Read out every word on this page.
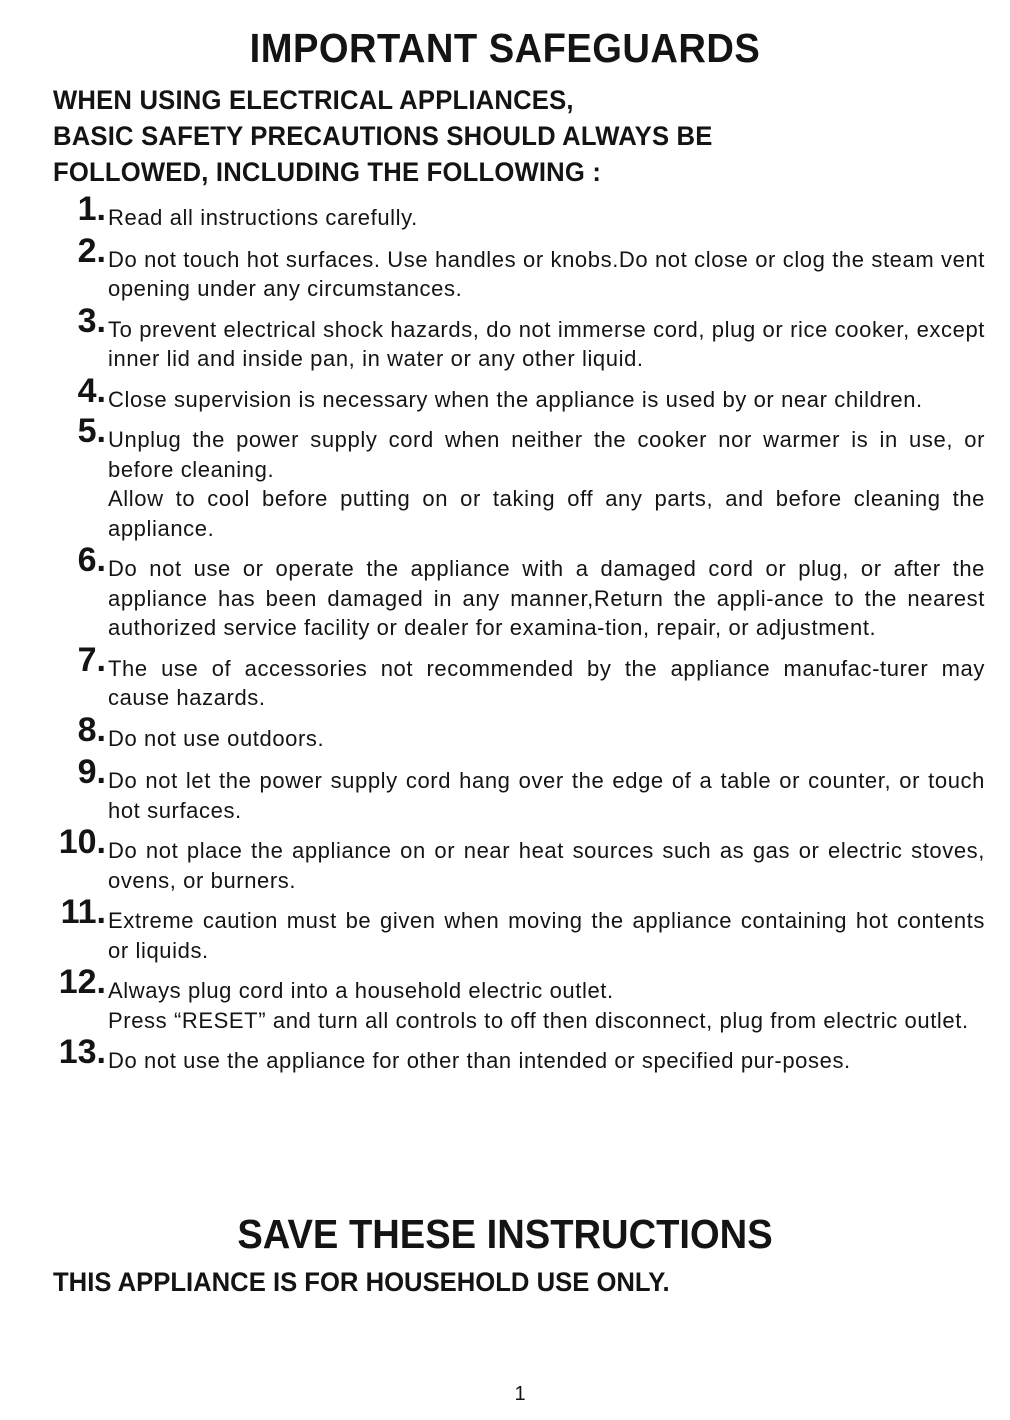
IMPORTANT SAFEGUARDS
WHEN USING ELECTRICAL APPLIANCES,
BASIC SAFETY PRECAUTIONS SHOULD ALWAYS BE
FOLLOWED, INCLUDING THE FOLLOWING :
1. Read all instructions carefully.

2. Do not touch hot surfaces. Use handles or knobs.Do not close or clog the steam vent opening under any circumstances.

3. To prevent electrical shock hazards, do not immerse cord, plug or rice cooker, except inner lid and inside pan, in water or any other liquid.

4. Close supervision is necessary when the appliance is used by or near children.

5. Unplug the power supply cord when neither the cooker nor warmer is in use, or before cleaning.

Allow to cool before putting on or taking off any parts, and before cleaning the appliance.

6. Do not use or operate the appliance with a damaged cord or plug, or after the appliance has been damaged in any manner,Return the appli-ance to the nearest authorized service facility or dealer for examina-tion, repair, or adjustment.

7. The use of accessories not recommended by the appliance manufac-turer may cause hazards.

8. Do not use outdoors.

9. Do not let the power supply cord hang over the edge of a table or counter, or touch hot surfaces.

10. Do not place the appliance on or near heat sources such as gas or electric stoves, ovens, or burners.

11. Extreme caution must be given when moving the appliance containing hot contents or liquids.

12. Always plug cord into a household electric outlet.

Press “RESET” and turn all controls to off then disconnect, plug from electric outlet.

13. Do not use the appliance for other than intended or specified pur-poses.

SAVE THESE INSTRUCTIONS
THIS APPLIANCE IS FOR HOUSEHOLD USE ONLY.
1
